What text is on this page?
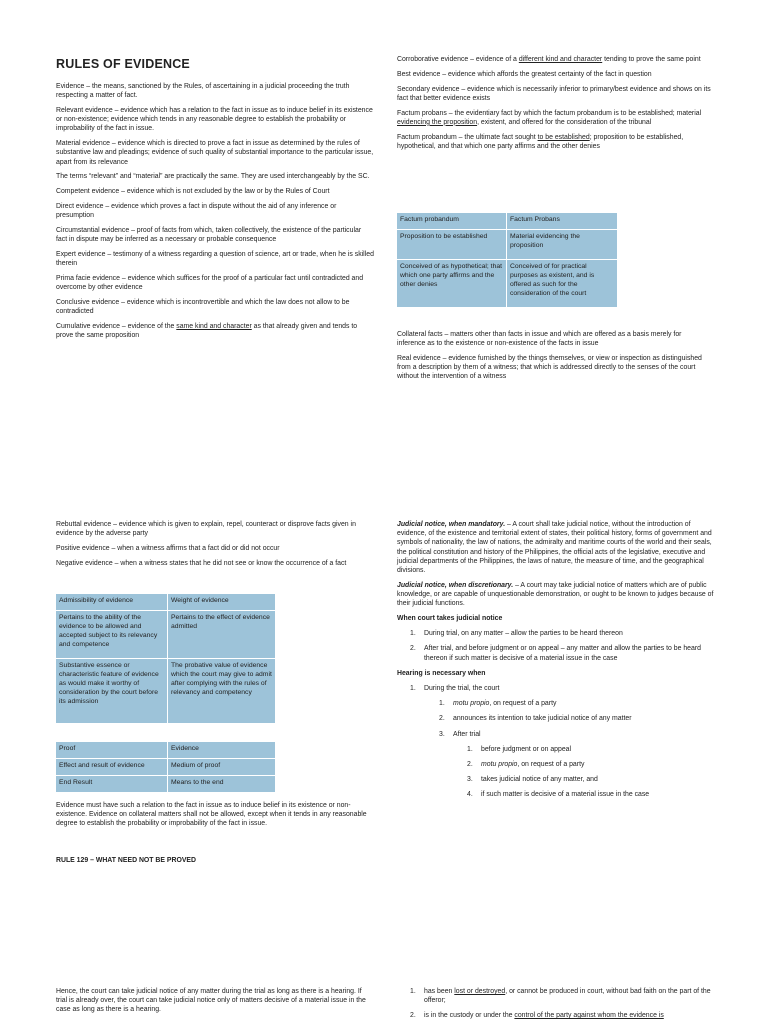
RULES OF EVIDENCE

Evidence – the means, sanctioned by the Rules, of ascertaining in a judicial proceeding the truth respecting a matter of fact.

Relevant evidence – evidence which has a relation to the fact in issue as to induce belief in its existence or non-existence; evidence which tends in any reasonable degree to establish the probability or improbability of the fact in issue.

Material evidence – evidence which is directed to prove a fact in issue as determined by the rules of substantive law and pleadings; evidence of such quality of substantial importance to the particular issue, apart from its relevance

The terms “relevant” and “material” are practically the same. They are used interchangeably by the SC.

Competent evidence – evidence which is not excluded by the law or by the Rules of Court

Direct evidence – evidence which proves a fact in dispute without the aid of any inference or presumption

Circumstantial evidence – proof of facts from which, taken collectively, the existence of the particular fact in dispute may be inferred as a necessary or probable consequence

Expert evidence – testimony of a witness regarding a question of science, art or trade, when he is skilled therein

Prima facie evidence – evidence which suffices for the proof of a particular fact until contradicted and overcome by other evidence

Conclusive evidence – evidence which is incontrovertible and which the law does not allow to be contradicted

Cumulative evidence – evidence of the same kind and character as that already given and tends to prove the same proposition

Corroborative evidence – evidence of a different kind and character tending to prove the same point

Best evidence – evidence which affords the greatest certainty of the fact in question

Secondary evidence – evidence which is necessarily inferior to primary/best evidence and shows on its fact that better evidence exists

Factum probans – the evidentiary fact by which the factum probandum is to be established; material evidencing the proposition, existent, and offered for the consideration of the tribunal

Factum probandum – the ultimate fact sought to be established; proposition to be established, hypothetical, and that which one party affirms and the other denies

Factum probandum	Factum Probans
Proposition to be established	Material evidencing the proposition
Conceived of as hypothetical; that which one party affirms and the other denies	Conceived of for practical purposes as existent, and is offered as such for the consideration of the court

Collateral facts – matters other than facts in issue and which are offered as a basis merely for inference as to the existence or non-existence of the facts in issue

Real evidence – evidence furnished by the things themselves, or view or inspection as distinguished from a description by them of a witness; that which is addressed directly to the senses of the court without the intervention of a witness

Rebuttal evidence – evidence which is given to explain, repel, counteract or disprove facts given in evidence by the adverse party

Positive evidence – when a witness affirms that a fact did or did not occur

Negative evidence – when a witness states that he did not see or know the occurrence of a fact

Admissibility of evidence	Weight of evidence
Pertains to the ability of the evidence to be allowed and accepted subject to its relevancy and competence	Pertains to the effect of evidence admitted
Substantive essence or characteristic feature of evidence as would make it worthy of consideration by the court before its admission	The probative value of evidence which the court may give to admit after complying with the rules of relevancy and competency
Proof	Evidence
Effect and result of evidence	Medium of proof
End Result	Means to the end

Evidence must have such a relation to the fact in issue as to induce belief in its existence or non-existence. Evidence on collateral matters shall not be allowed, except when it tends in any reasonable degree to establish the probability or improbability of the fact in issue.

RULE 129 – WHAT NEED NOT BE PROVED

Judicial notice, when mandatory. – A court shall take judicial notice, without the introduction of evidence, of the existence and territorial extent of states, their political history, forms of government and symbols of nationality, the law of nations, the admiralty and maritime courts of the world and their seals, the political constitution and history of the Philippines, the official acts of the legislative, executive and judicial departments of the Philippines, the laws of nature, the measure of time, and the geographical divisions.

Judicial notice, when discretionary. – A court may take judicial notice of matters which are of public knowledge, or are capable of unquestionable demonstration, or ought to be known to judges because of their judicial functions.

When court takes judicial notice

1. During trial, on any matter – allow the parties to be heard thereon
2. After trial, and before judgment or on appeal – any matter and allow the parties to be heard thereon if such matter is decisive of a material issue in the case

Hearing is necessary when

1. During the trial, the court
1. motu propio, on request of a party
2. announces its intention to take judicial notice of any matter
3. After trial
1. before judgment or on appeal
2. motu propio, on request of a party
3. takes judicial notice of any matter, and
4. if such matter is decisive of a material issue in the case

Hence, the court can take judicial notice of any matter during the trial as long as there is a hearing. If trial is already over, the court can take judicial notice only of matters decisive of a material issue in the case as long as there is a hearing.

1. has been lost or destroyed, or cannot be produced in court, without bad faith on the part of the offeror;
2. is in the custody or under the control of the party against whom the evidence is
